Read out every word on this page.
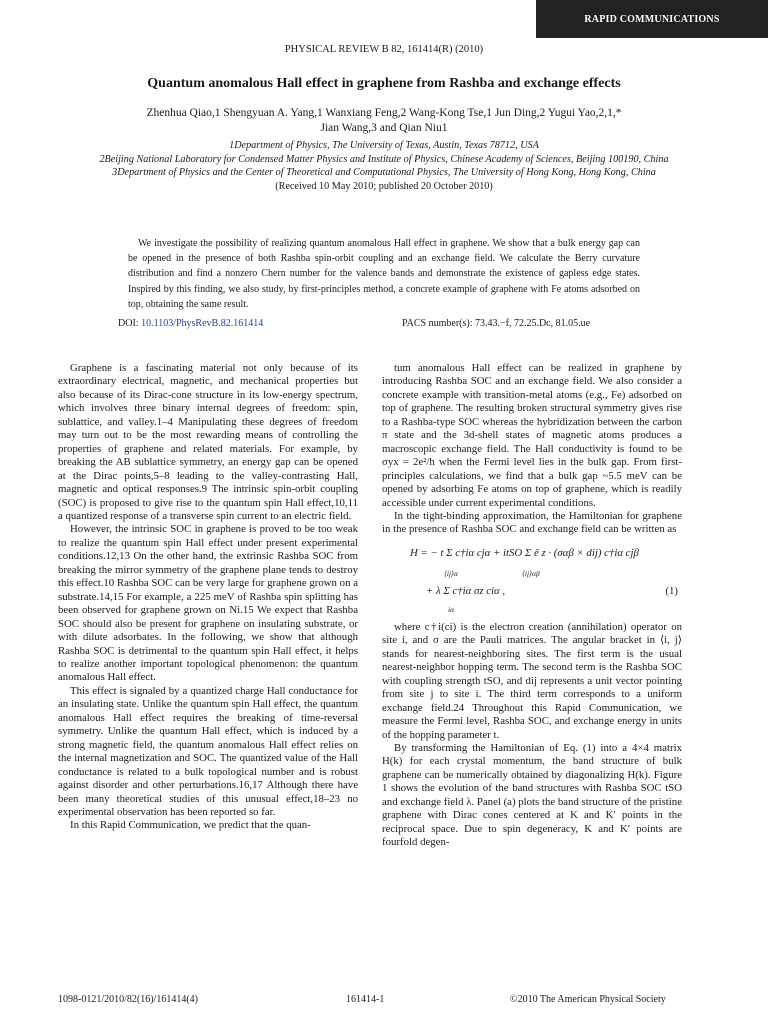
RAPID COMMUNICATIONS
PHYSICAL REVIEW B 82, 161414(R) (2010)
Quantum anomalous Hall effect in graphene from Rashba and exchange effects
Zhenhua Qiao,1 Shengyuan A. Yang,1 Wanxiang Feng,2 Wang-Kong Tse,1 Jun Ding,2 Yugui Yao,2,1,*
Jian Wang,3 and Qian Niu1
1Department of Physics, The University of Texas, Austin, Texas 78712, USA
2Beijing National Laboratory for Condensed Matter Physics and Institute of Physics, Chinese Academy of Sciences, Beijing 100190, China
3Department of Physics and the Center of Theoretical and Computational Physics, The University of Hong Kong, Hong Kong, China
(Received 10 May 2010; published 20 October 2010)

We investigate the possibility of realizing quantum anomalous Hall effect in graphene. We show that a bulk energy gap can be opened in the presence of both Rashba spin-orbit coupling and an exchange field. We calculate the Berry curvature distribution and find a nonzero Chern number for the valence bands and demonstrate the existence of gapless edge states. Inspired by this finding, we also study, by first-principles method, a concrete example of graphene with Fe atoms adsorbed on top, obtaining the same result.

DOI: 10.1103/PhysRevB.82.161414	PACS number(s): 73.43.−f, 72.25.Dc, 81.05.ue

Graphene is a fascinating material not only because of its extraordinary electrical, magnetic, and mechanical properties but also because of its Dirac-cone structure in its low-energy spectrum, which involves three binary internal degrees of freedom: spin, sublattice, and valley.1–4 Manipulating these degrees of freedom may turn out to be the most rewarding means of controlling the properties of graphene and related materials. For example, by breaking the AB sublattice symmetry, an energy gap can be opened at the Dirac points,5–8 leading to the valley-contrasting Hall, magnetic and optical responses.9 The intrinsic spin-orbit coupling (SOC) is proposed to give rise to the quantum spin Hall effect,10,11 a quantized response of a transverse spin current to an electric field.

However, the intrinsic SOC in graphene is proved to be too weak to realize the quantum spin Hall effect under present experimental conditions.12,13 On the other hand, the extrinsic Rashba SOC from breaking the mirror symmetry of the graphene plane tends to destroy this effect.10 Rashba SOC can be very large for graphene grown on a substrate.14,15 For example, a 225 meV of Rashba spin splitting has been observed for graphene grown on Ni.15 We expect that Rashba SOC should also be present for graphene on insulating substrate, or with dilute adsorbates. In the following, we show that although Rashba SOC is detrimental to the quantum spin Hall effect, it helps to realize another important topological phenomenon: the quantum anomalous Hall effect.

This effect is signaled by a quantized charge Hall conductance for an insulating state. Unlike the quantum spin Hall effect, the quantum anomalous Hall effect requires the breaking of time-reversal symmetry. Unlike the quantum Hall effect, which is induced by a strong magnetic field, the quantum anomalous Hall effect relies on the internal magnetization and SOC. The quantized value of the Hall conductance is related to a bulk topological number and is robust against disorder and other perturbations.16,17 Although there have been many theoretical studies of this unusual effect,18–23 no experimental observation has been reported so far.

In this Rapid Communication, we predict that the quan-

tum anomalous Hall effect can be realized in graphene by introducing Rashba SOC and an exchange field. We also consider a concrete example with transition-metal atoms (e.g., Fe) adsorbed on top of graphene. The resulting broken structural symmetry gives rise to a Rashba-type SOC whereas the hybridization between the carbon π state and the 3d-shell states of magnetic atoms produces a macroscopic exchange field. The Hall conductivity is found to be σyx = 2e²/h when the Fermi level lies in the bulk gap. From first-principles calculations, we find that a bulk gap ~5.5 meV can be opened by adsorbing Fe atoms on top of graphene, which is readily accessible under current experimental conditions.

In the tight-binding approximation, the Hamiltonian for graphene in the presence of Rashba SOC and exchange field can be written as

H = − t Σ c†iα cjα + itSO Σ ê z · (σαβ × dij) c†iα cjβ
⟨ij⟩α	⟨ij⟩αβ
+ λ Σ c†iα σz ciα ,
iα
(1)

where c†i(ci) is the electron creation (annihilation) operator on site i, and σ are the Pauli matrices. The angular bracket in ⟨i, j⟩ stands for nearest-neighboring sites. The first term is the usual nearest-neighbor hopping term. The second term is the Rashba SOC with coupling strength tSO, and dij represents a unit vector pointing from site j to site i. The third term corresponds to a uniform exchange field.24 Throughout this Rapid Communication, we measure the Fermi level, Rashba SOC, and exchange energy in units of the hopping parameter t.

By transforming the Hamiltonian of Eq. (1) into a 4×4 matrix H(k) for each crystal momentum, the band structure of bulk graphene can be numerically obtained by diagonalizing H(k). Figure 1 shows the evolution of the band structures with Rashba SOC tSO and exchange field λ. Panel (a) plots the band structure of the pristine graphene with Dirac cones centered at K and K′ points in the reciprocal space. Due to spin degeneracy, K and K′ points are fourfold degen-

1098-0121/2010/82(16)/161414(4)	161414-1	©2010 The American Physical Society
